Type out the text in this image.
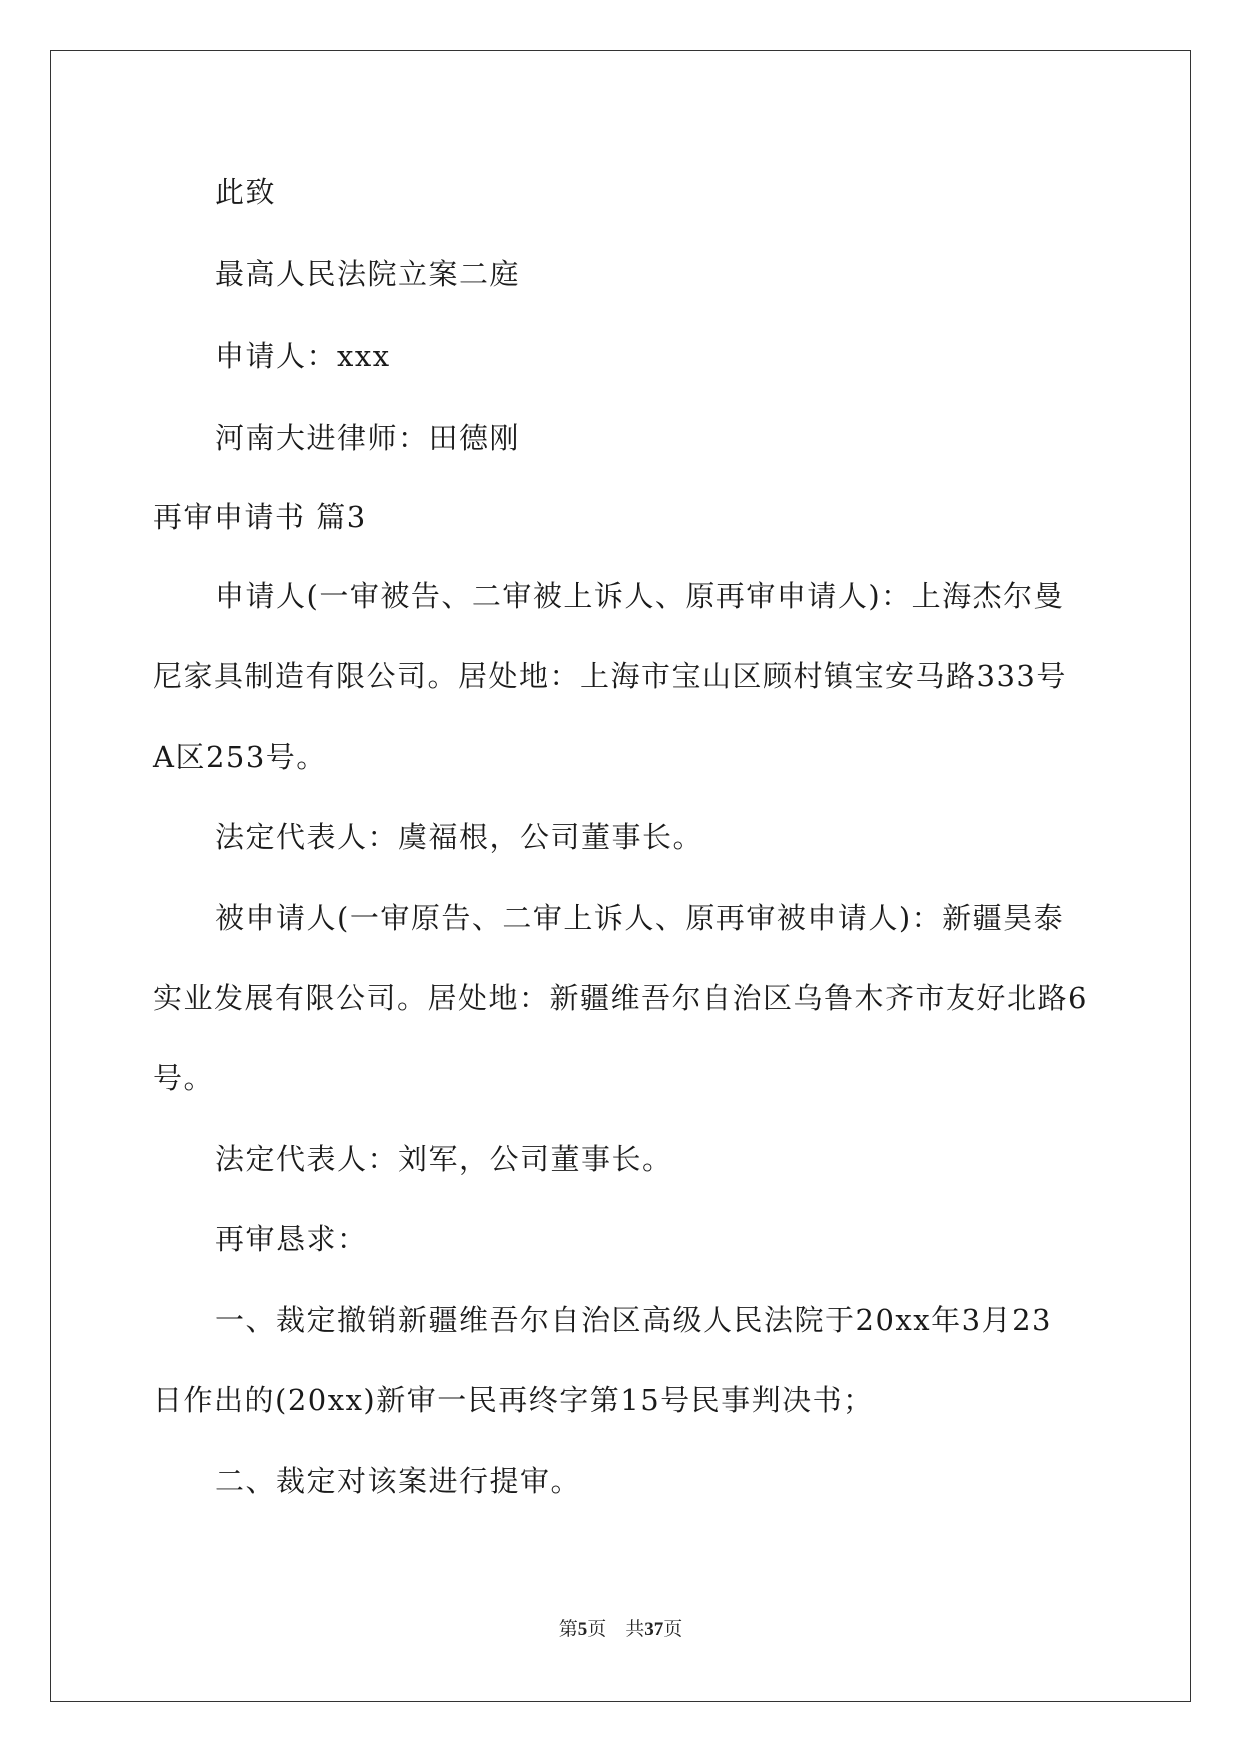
此致
最高人民法院立案二庭
申请人：xxx
河南大进律师：田德刚
再审申请书 篇3
申请人(一审被告、二审被上诉人、原再审申请人)：上海杰尔曼
尼家具制造有限公司。居处地：上海市宝山区顾村镇宝安马路333号
A区253号。
法定代表人：虞福根，公司董事长。
被申请人(一审原告、二审上诉人、原再审被申请人)：新疆昊泰
实业发展有限公司。居处地：新疆维吾尔自治区乌鲁木齐市友好北路6
号。
法定代表人：刘军，公司董事长。
再审恳求：
一、裁定撤销新疆维吾尔自治区高级人民法院于20xx年3月23
日作出的(20xx)新审一民再终字第15号民事判决书；
二、裁定对该案进行提审。
第5页 共37页
